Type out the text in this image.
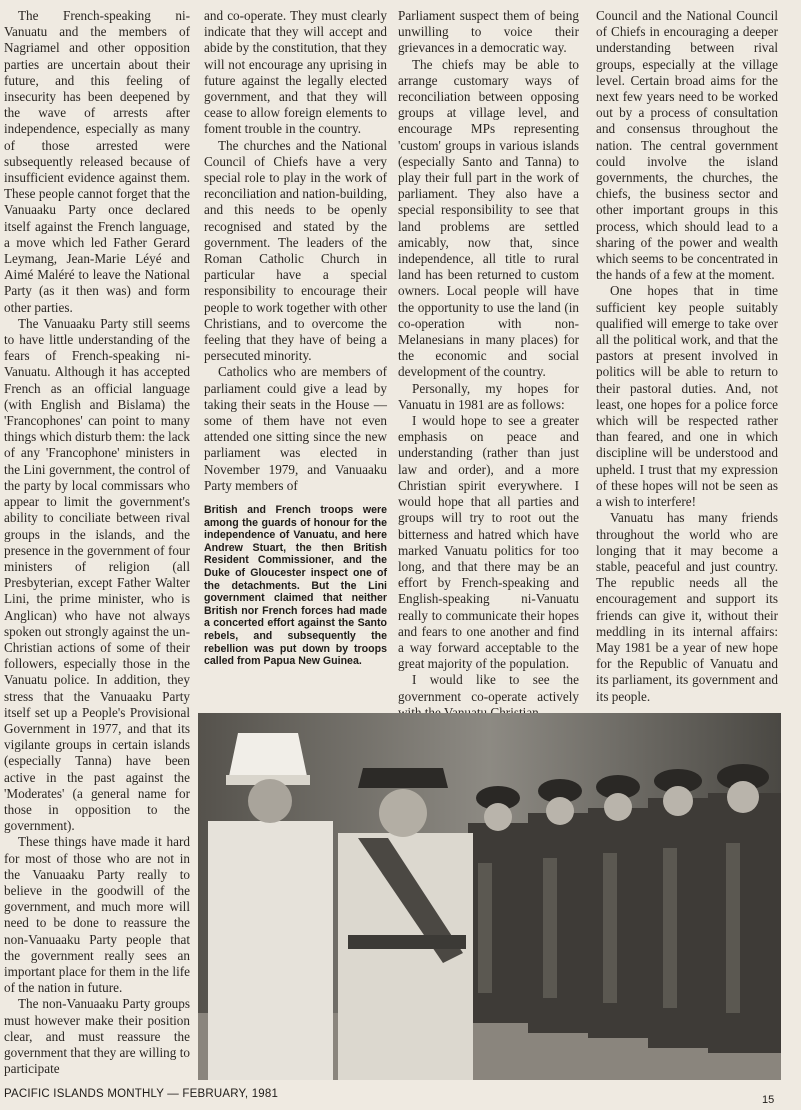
The French-speaking ni-Vanuatu and the members of Nagriamel and other opposition parties are uncertain about their future, and this feeling of insecurity has been deepened by the wave of arrests after independence, especially as many of those arrested were subsequently released because of insufficient evidence against them. These people cannot forget that the Vanuaaku Party once declared itself against the French language, a move which led Father Gerard Leymang, Jean-Marie Léyé and Aimé Maléré to leave the National Party (as it then was) and form other parties.

The Vanuaaku Party still seems to have little understanding of the fears of French-speaking ni-Vanuatu. Although it has accepted French as an official language (with English and Bislama) the 'Francophones' can point to many things which disturb them: the lack of any 'Francophone' ministers in the Lini government, the control of the party by local commissars who appear to limit the government's ability to conciliate between rival groups in the islands, and the presence in the government of four ministers of religion (all Presbyterian, except Father Walter Lini, the prime minister, who is Anglican) who have not always spoken out strongly against the un-Christian actions of some of their followers, especially those in the Vanuatu police. In addition, they stress that the Vanuaaku Party itself set up a People's Provisional Government in 1977, and that its vigilante groups in certain islands (especially Tanna) have been active in the past against the 'Moderates' (a general name for those in opposition to the government).

These things have made it hard for most of those who are not in the Vanuaaku Party really to believe in the goodwill of the government, and much more will need to be done to reassure the non-Vanuaaku Party people that the government really sees an important place for them in the life of the nation in future.

The non-Vanuaaku Party groups must however make their position clear, and must reassure the government that they are willing to participate

and co-operate. They must clearly indicate that they will accept and abide by the constitution, that they will not encourage any uprising in future against the legally elected government, and that they will cease to allow foreign elements to foment trouble in the country.

The churches and the National Council of Chiefs have a very special role to play in the work of reconciliation and nation-building, and this needs to be openly recognised and stated by the government. The leaders of the Roman Catholic Church in particular have a special responsibility to encourage their people to work together with other Christians, and to overcome the feeling that they have of being a persecuted minority.

Catholics who are members of parliament could give a lead by taking their seats in the House — some of them have not even attended one sitting since the new parliament was elected in November 1979, and Vanuaaku Party members of

British and French troops were among the guards of honour for the independence of Vanuatu, and here Andrew Stuart, the then British Resident Commissioner, and the Duke of Gloucester inspect one of the detachments. But the Lini government claimed that neither British nor French forces had made a concerted effort against the Santo rebels, and subsequently the rebellion was put down by troops called from Papua New Guinea.

Parliament suspect them of being unwilling to voice their grievances in a democratic way.

The chiefs may be able to arrange customary ways of reconciliation between opposing groups at village level, and encourage MPs representing 'custom' groups in various islands (especially Santo and Tanna) to play their full part in the work of parliament. They also have a special responsibility to see that land problems are settled amicably, now that, since independence, all title to rural land has been returned to custom owners. Local people will have the opportunity to use the land (in co-operation with non-Melanesians in many places) for the economic and social development of the country.

Personally, my hopes for Vanuatu in 1981 are as follows:

I would hope to see a greater emphasis on peace and understanding (rather than just law and order), and a more Christian spirit everywhere. I would hope that all parties and groups will try to root out the bitterness and hatred which have marked Vanuatu politics for too long, and that there may be an effort by French-speaking and English-speaking ni-Vanuatu really to communicate their hopes and fears to one another and find a way forward acceptable to the great majority of the population.

I would like to see the government co-operate actively

Council and the National Council of Chiefs in encouraging a deeper understanding between rival groups, especially at the village level. Certain broad aims for the next few years need to be worked out by a process of consultation and consensus throughout the nation. The central government could involve the island governments, the churches, the chiefs, the business sector and other important groups in this process, which should lead to a sharing of the power and wealth which seems to be concentrated in the hands of a few at the moment.

One hopes that in time sufficient key people suitably qualified will emerge to take over all the political work, and that the pastors at present involved in politics will be able to return to their pastoral duties. And, not least, one hopes for a police force which will be respected rather than feared, and one in which discipline will be understood and upheld. I trust that my expression of these hopes will not be seen as a wish to interfere!

Vanuatu has many friends throughout the world who are longing that it may become a stable, peaceful and just country. The republic needs all the encouragement and support its friends can give it, without their meddling in its internal affairs: May 1981 be a year of new hope for the Republic of Vanuatu and its parliament, its government and its people.

PACIFIC ISLANDS MONTHLY — FEBRUARY, 1981	15
